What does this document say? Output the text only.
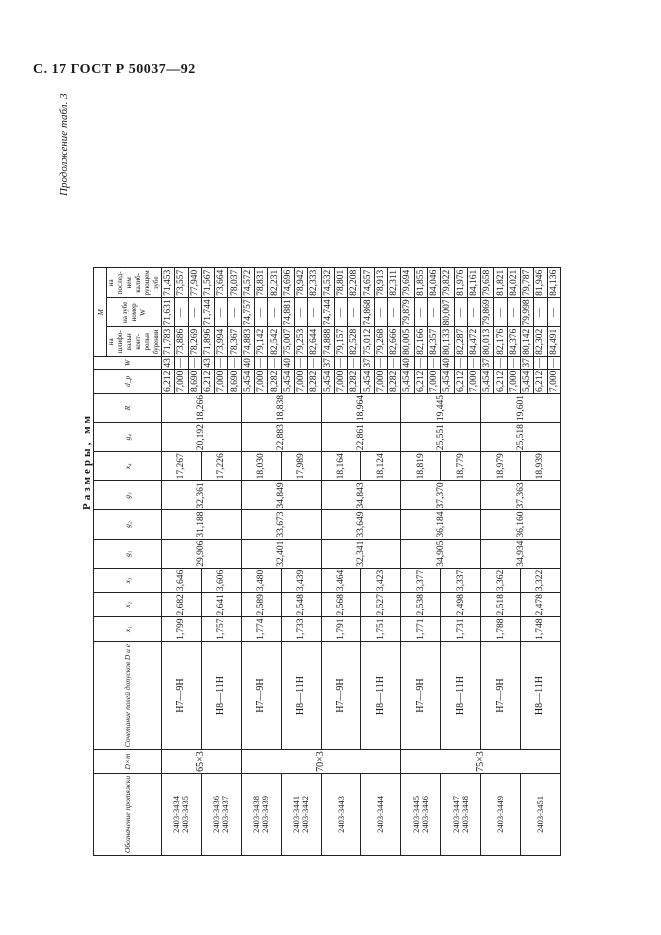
С. 17 ГОСТ Р 50037—92
Продолжение табл. 3
Размеры, мм
Обозначение протяжки	D×m	Сочетание полей допусков D и e	x₁	x₂	x₃	g₁	g₂	g₃	x₄	g₄	R	d_p	W	M		
														на шлифо-вальн конт-рольн бурении	на зубе номер W	на послед-нем калиб-рующем зубе
2403-3434
2403-3435	65×3	H7—9H	1,799	2,682	3,646	29,906	31,188	32,361	17,267	20,192	18,266	6,212	43	71,783	71,631	71,453
												7,000	—	73,886	—	73,557
												8,690	—	78,269	—	77,940
2403-3436
2403-3437		H8—11H	1,757	2,641	3,606				17,226			6,212	43	71,896	71,744	71,567
												7,000	—	73,994	—	73,664
												8,690	—	78,367	—	78,037
2403-3438
2403-3439	70×3	H7—9H	1,774	2,589	3,480	32,401	33,673	34,849	18,030	22,883	18,838	5,454	40	74,883	74,757	74,572
												7,000	—	79,142	—	78,831
												8,282	—	82,542	—	82,231
2403-3441
2403-3442		H8—11H	1,733	2,548	3,439				17,989			5,454	40	75,007	74,881	74,696
												7,000	—	79,253	—	78,942
												8,282	—	82,644	—	82,333
2403-3443		H7—9H	1,791	2,568	3,464	32,341	33,649	34,843	18,164	22,861	18,964	5,454	37	74,888	74,744	74,532
												7,000	—	79,157	—	78,801
												8,282	—	82,528	—	82,208
2403-3444		H8—11H	1,751	2,527	3,423				18,124			5,454	37	75,012	74,868	74,657
												7,000	—	79,268	—	78,913
												8,282	—	82,666	—	82,311
2403-3445
2403-3446	75×3	H7—9H	1,771	2,538	3,377	34,905	36,184	37,370	18,819	25,551	19,445	5,454	40	80,005	79,879	79,694
												6,212	—	82,166	—	81,855
												7,000	—	84,357	—	84,046
2403-3447
2403-3448		H8—11H	1,731	2,498	3,337				18,779			5,454	40	80,133	80,007	79,822
												6,212	—	82,287	—	81,976
												7,000	—	84,472	—	84,161
2403-3449		H7—9H	1,788	2,518	3,362	34,934	36,160	37,363	18,979	25,518	19,601	5,454	37	80,013	79,869	79,658
												6,212	—	82,176	—	81,821
												7,000	—	84,376	—	84,021
2403-3451		H8—11H	1,748	2,478	3,322				18,939			5,454	37	80,142	79,998	79,787
												6,212	—	82,302	—	81,946
												7,000	—	84,491	—	84,136
